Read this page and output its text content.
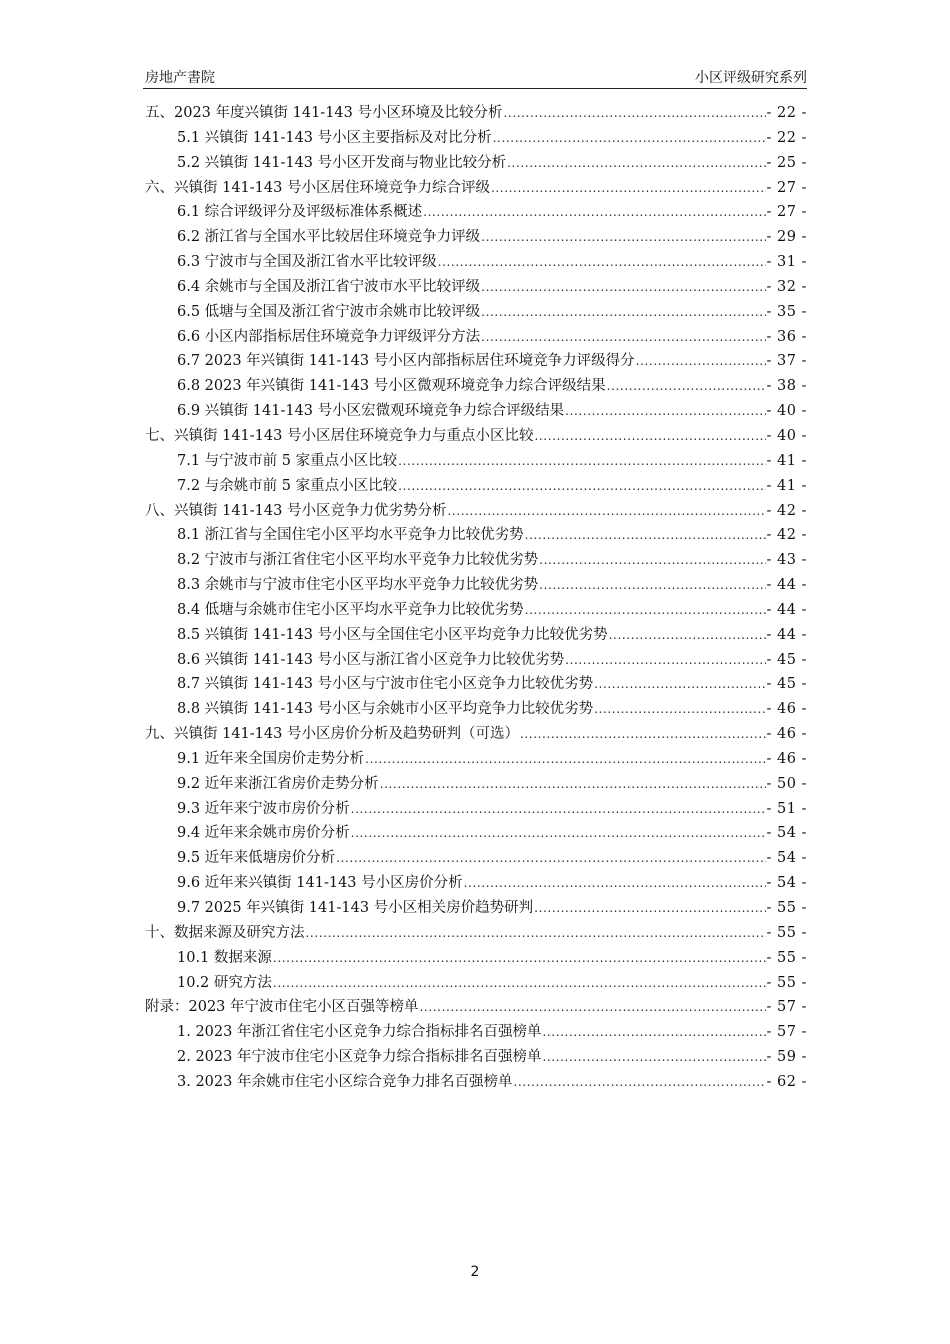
房地产書院	小区评级研究系列
五、2023 年度兴镇街 141-143 号小区环境及比较分析 .....	- 22 -
5.1 兴镇街 141-143 号小区主要指标及对比分析 .....	- 22 -
5.2 兴镇街 141-143 号小区开发商与物业比较分析 .....	- 25 -
六、兴镇街 141-143 号小区居住环境竞争力综合评级 .....	- 27 -
6.1 综合评级评分及评级标准体系概述 .....	- 27 -
6.2 浙江省与全国水平比较居住环境竞争力评级 .....	- 29 -
6.3 宁波市与全国及浙江省水平比较评级 .....	- 31 -
6.4 余姚市与全国及浙江省宁波市水平比较评级 .....	- 32 -
6.5 低塘与全国及浙江省宁波市余姚市比较评级 .....	- 35 -
6.6 小区内部指标居住环境竞争力评级评分方法 .....	- 36 -
6.7 2023 年兴镇街 141-143 号小区内部指标居住环境竞争力评级得分 .....	- 37 -
6.8 2023 年兴镇街 141-143 号小区微观环境竞争力综合评级结果 .....	- 38 -
6.9 兴镇街 141-143 号小区宏微观环境竞争力综合评级结果 .....	- 40 -
七、兴镇街 141-143 号小区居住环境竞争力与重点小区比较 .....	- 40 -
7.1 与宁波市前 5 家重点小区比较 .....	- 41 -
7.2 与余姚市前 5 家重点小区比较 .....	- 41 -
八、兴镇街 141-143 号小区竞争力优劣势分析 .....	- 42 -
8.1 浙江省与全国住宅小区平均水平竞争力比较优劣势 .....	- 42 -
8.2 宁波市与浙江省住宅小区平均水平竞争力比较优劣势 .....	- 43 -
8.3 余姚市与宁波市住宅小区平均水平竞争力比较优劣势 .....	- 44 -
8.4 低塘与余姚市住宅小区平均水平竞争力比较优劣势 .....	- 44 -
8.5 兴镇街 141-143 号小区与全国住宅小区平均竞争力比较优劣势 .....	- 44 -
8.6 兴镇街 141-143 号小区与浙江省小区竞争力比较优劣势 .....	- 45 -
8.7 兴镇街 141-143 号小区与宁波市住宅小区竞争力比较优劣势 .....	- 45 -
8.8 兴镇街 141-143 号小区与余姚市小区平均竞争力比较优劣势 .....	- 46 -
九、兴镇街 141-143 号小区房价分析及趋势研判（可选） .....	- 46 -
9.1 近年来全国房价走势分析 .....	- 46 -
9.2 近年来浙江省房价走势分析 .....	- 50 -
9.3 近年来宁波市房价分析 .....	- 51 -
9.4 近年来余姚市房价分析 .....	- 54 -
9.5 近年来低塘房价分析 .....	- 54 -
9.6 近年来兴镇街 141-143 号小区房价分析 .....	- 54 -
9.7 2025 年兴镇街 141-143 号小区相关房价趋势研判 .....	- 55 -
十、数据来源及研究方法 .....	- 55 -
10.1 数据来源 .....	- 55 -
10.2 研究方法 .....	- 55 -
附录：2023 年宁波市住宅小区百强等榜单 .....	- 57 -
1. 2023 年浙江省住宅小区竞争力综合指标排名百强榜单 .....	- 57 -
2. 2023 年宁波市住宅小区竞争力综合指标排名百强榜单 .....	- 59 -
3. 2023 年余姚市住宅小区综合竞争力排名百强榜单 .....	- 62 -
2
